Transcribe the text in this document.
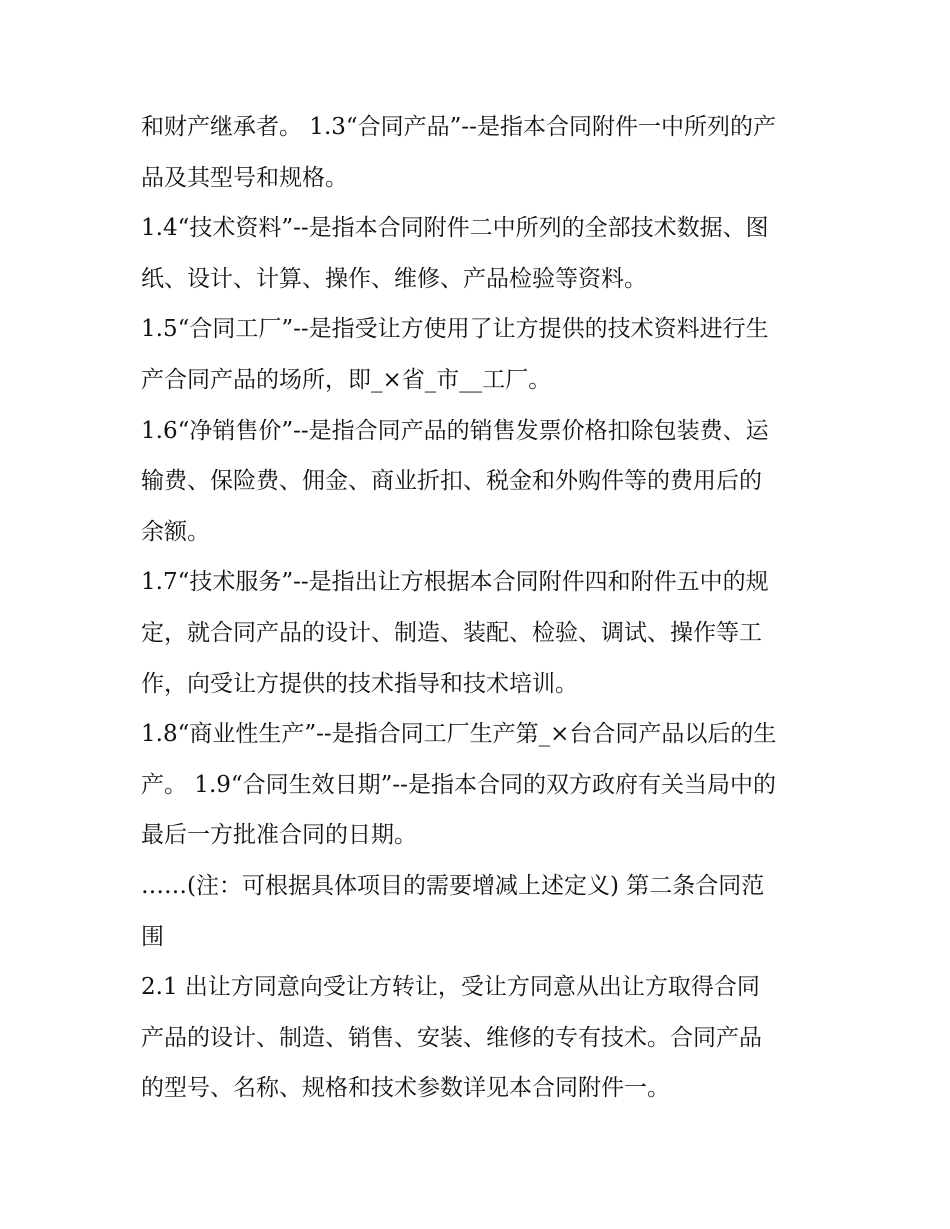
和财产继承者。 1.3“合同产品”--是指本合同附件一中所列的产
品及其型号和规格。
1.4“技术资料”--是指本合同附件二中所列的全部技术数据、图
纸、设计、计算、操作、维修、产品检验等资料。
1.5“合同工厂”--是指受让方使用了让方提供的技术资料进行生
产合同产品的场所，即_×省_市__工厂。
1.6“净销售价”--是指合同产品的销售发票价格扣除包装费、运
输费、保险费、佣金、商业折扣、税金和外购件等的费用后的
余额。
1.7“技术服务”--是指出让方根据本合同附件四和附件五中的规
定，就合同产品的设计、制造、装配、检验、调试、操作等工
作，向受让方提供的技术指导和技术培训。
1.8“商业性生产”--是指合同工厂生产第_×台合同产品以后的生
产。 1.9“合同生效日期”--是指本合同的双方政府有关当局中的
最后一方批准合同的日期。
……(注：可根据具体项目的需要增减上述定义) 第二条合同范
围
2.1 出让方同意向受让方转让，受让方同意从出让方取得合同
产品的设计、制造、销售、安装、维修的专有技术。合同产品
的型号、名称、规格和技术参数详见本合同附件一。
